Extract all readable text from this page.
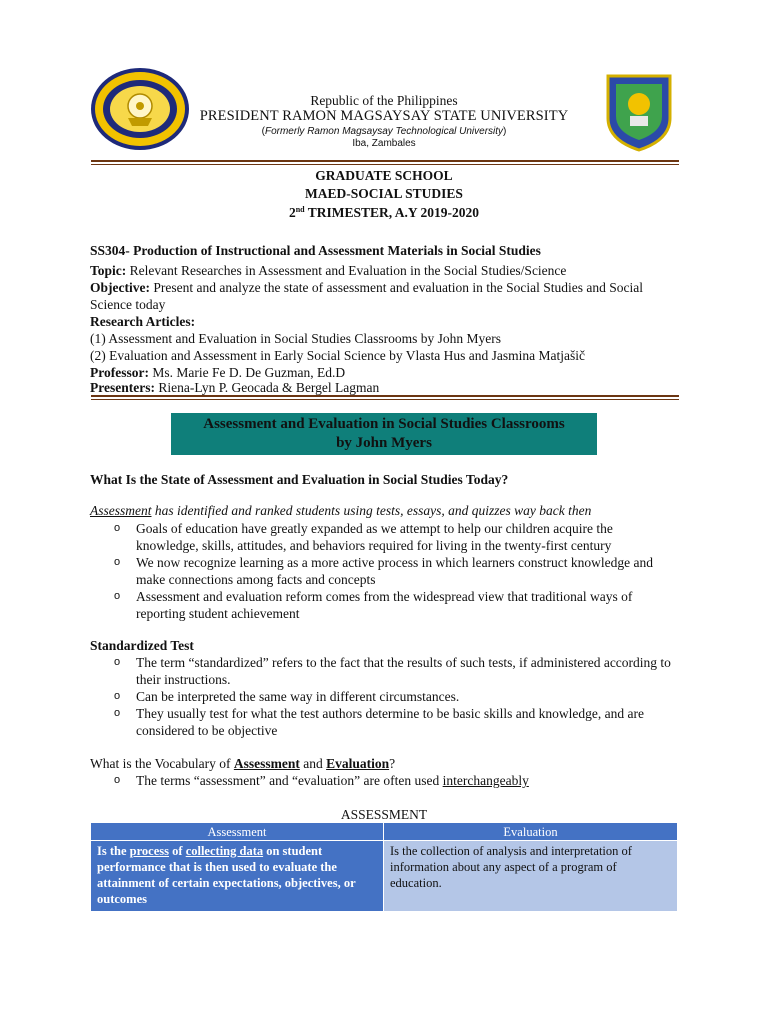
Republic of the Philippines
PRESIDENT RAMON MAGSAYSAY STATE UNIVERSITY
(Formerly Ramon Magsaysay Technological University)
Iba, Zambales
GRADUATE SCHOOL
MAED-SOCIAL STUDIES
2nd TRIMESTER, A.Y 2019-2020
SS304- Production of Instructional and Assessment Materials in Social Studies
Topic: Relevant Researches in Assessment and Evaluation in the Social Studies/Science
Objective: Present and analyze the state of assessment and evaluation in the Social Studies and Social Science today
Research Articles:
(1) Assessment and Evaluation in Social Studies Classrooms by John Myers
(2) Evaluation and Assessment in Early Social Science by Vlasta Hus and Jasmina Matjašič
Professor: Ms. Marie Fe D. De Guzman, Ed.D
Presenters: Riena-Lyn P. Geocada & Bergel Lagman
Assessment and Evaluation in Social Studies Classrooms
by John Myers
What Is the State of Assessment and Evaluation in Social Studies Today?
Assessment has identified and ranked students using tests, essays, and quizzes way back then
o Goals of education have greatly expanded as we attempt to help our children acquire the knowledge, skills, attitudes, and behaviors required for living in the twenty-first century
o We now recognize learning as a more active process in which learners construct knowledge and make connections among facts and concepts
o Assessment and evaluation reform comes from the widespread view that traditional ways of reporting student achievement
Standardized Test
o The term “standardized” refers to the fact that the results of such tests, if administered according to their instructions.
o Can be interpreted the same way in different circumstances.
o They usually test for what the test authors determine to be basic skills and knowledge, and are considered to be objective
What is the Vocabulary of Assessment and Evaluation?
o The terms “assessment” and “evaluation” are often used interchangeably
ASSESSMENT
Assessment	Evaluation
Is the process of collecting data on student performance that is then used to evaluate the attainment of certain expectations, objectives, or outcomes	Is the collection of analysis and interpretation of information about any aspect of a program of education.
